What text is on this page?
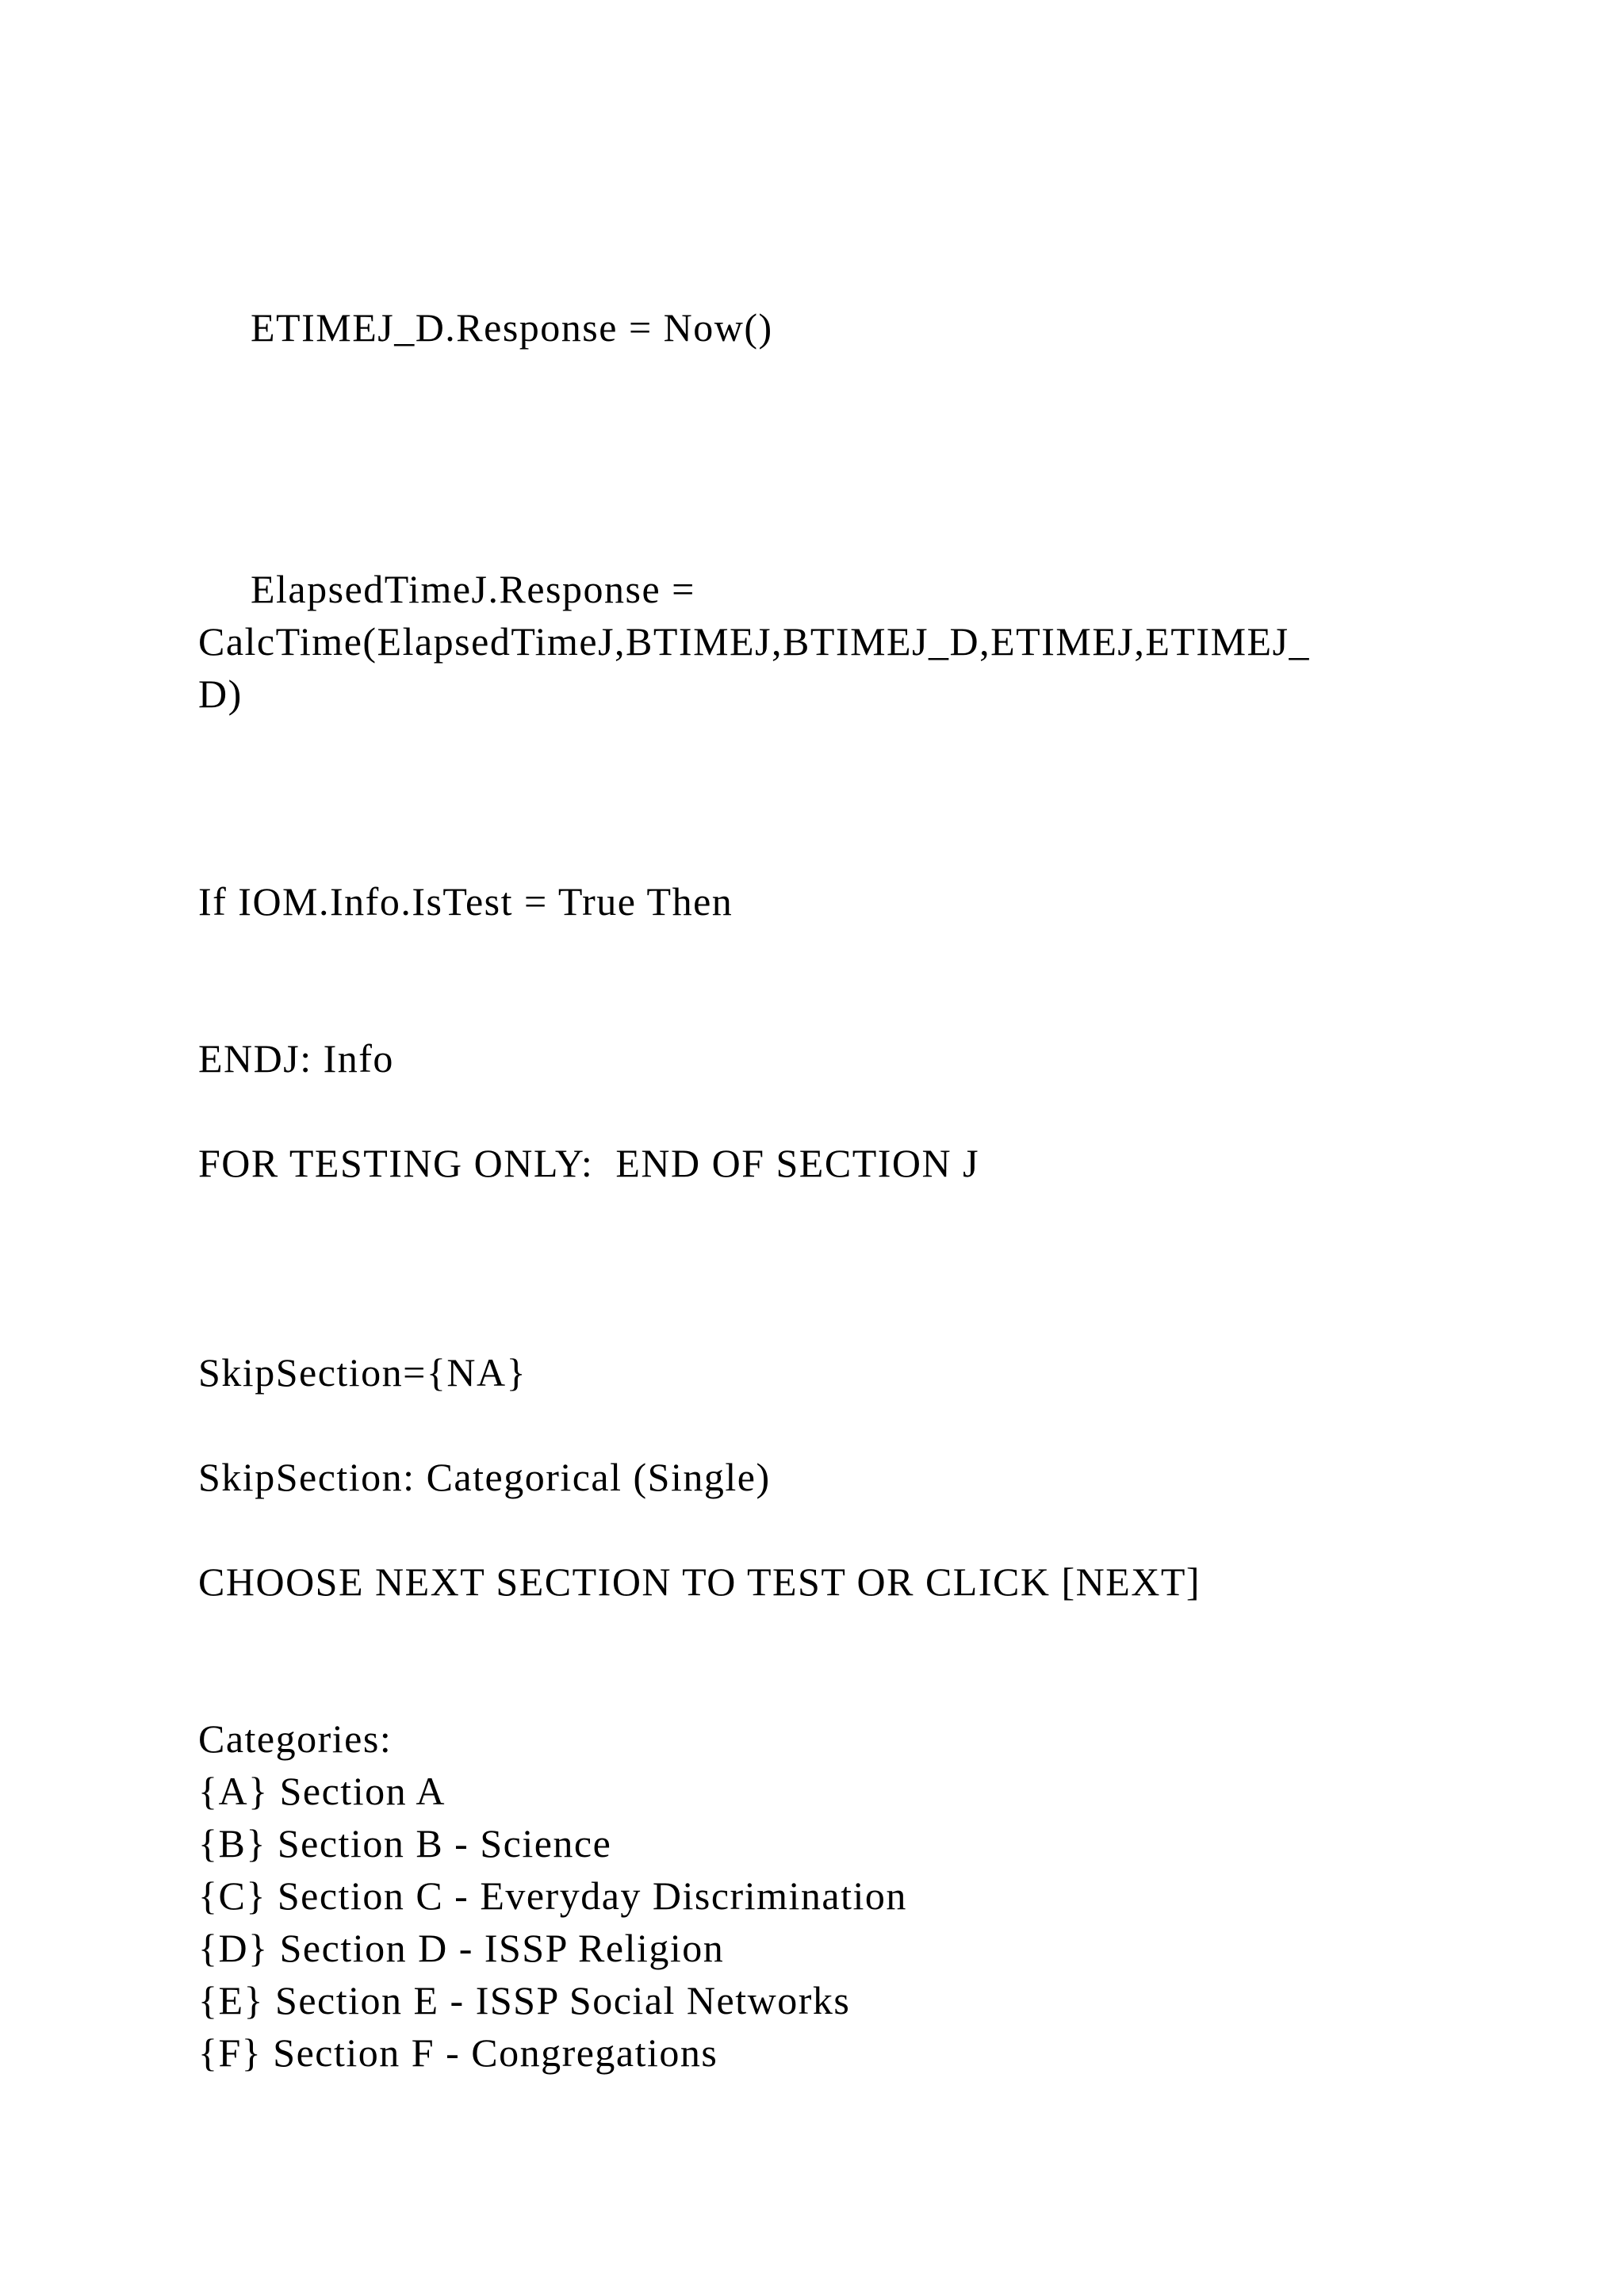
ETIMEJ_D.Response = Now()
ElapsedTimeJ.Response =
CalcTime(ElapsedTimeJ,BTIMEJ,BTIMEJ_D,ETIMEJ,ETIMEJ_
D)
If IOM.Info.IsTest = True Then
ENDJ: Info
FOR TESTING ONLY:  END OF SECTION J
SkipSection={NA}
SkipSection: Categorical (Single)
CHOOSE NEXT SECTION TO TEST OR CLICK [NEXT]
Categories:
{A} Section A
{B} Section B - Science
{C} Section C - Everyday Discrimination
{D} Section D - ISSP Religion
{E} Section E - ISSP Social Networks
{F} Section F - Congregations
